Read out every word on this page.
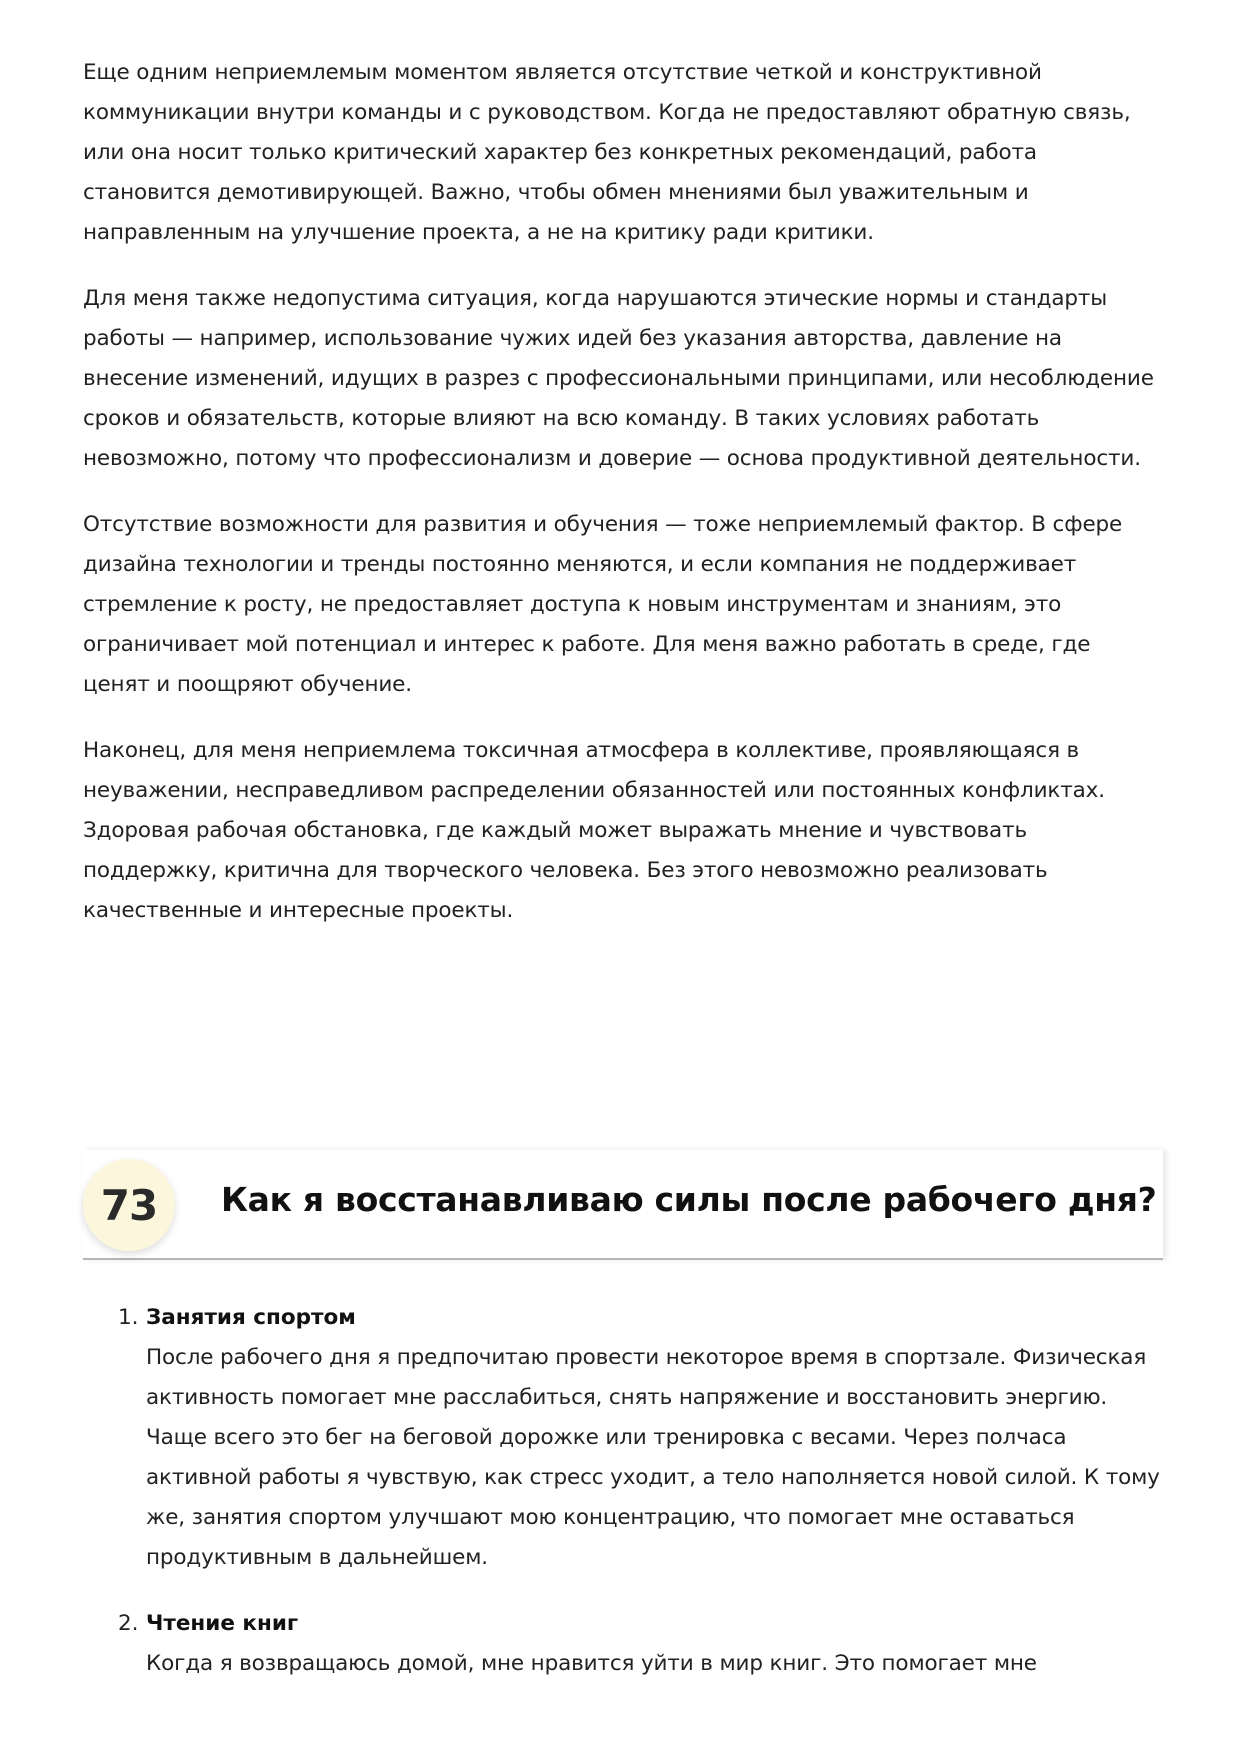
Еще одним неприемлемым моментом является отсутствие четкой и конструктивной коммуникации внутри команды и с руководством. Когда не предоставляют обратную связь, или она носит только критический характер без конкретных рекомендаций, работа становится демотивирующей. Важно, чтобы обмен мнениями был уважительным и направленным на улучшение проекта, а не на критику ради критики.

Для меня также недопустима ситуация, когда нарушаются этические нормы и стандарты работы — например, использование чужих идей без указания авторства, давление на внесение изменений, идущих в разрез с профессиональными принципами, или несоблюдение сроков и обязательств, которые влияют на всю команду. В таких условиях работать невозможно, потому что профессионализм и доверие — основа продуктивной деятельности.

Отсутствие возможности для развития и обучения — тоже неприемлемый фактор. В сфере дизайна технологии и тренды постоянно меняются, и если компания не поддерживает стремление к росту, не предоставляет доступа к новым инструментам и знаниям, это ограничивает мой потенциал и интерес к работе. Для меня важно работать в среде, где ценят и поощряют обучение.

Наконец, для меня неприемлема токсичная атмосфера в коллективе, проявляющаяся в неуважении, несправедливом распределении обязанностей или постоянных конфликтах. Здоровая рабочая обстановка, где каждый может выражать мнение и чувствовать поддержку, критична для творческого человека. Без этого невозможно реализовать качественные и интересные проекты.

73	Как я восстанавливаю силы после рабочего дня?
1. Занятия спортом
После рабочего дня я предпочитаю провести некоторое время в спортзале. Физическая активность помогает мне расслабиться, снять напряжение и восстановить энергию. Чаще всего это бег на беговой дорожке или тренировка с весами. Через полчаса активной работы я чувствую, как стресс уходит, а тело наполняется новой силой. К тому же, занятия спортом улучшают мою концентрацию, что помогает мне оставаться продуктивным в дальнейшем.
2. Чтение книг
Когда я возвращаюсь домой, мне нравится уйти в мир книг. Это помогает мне
